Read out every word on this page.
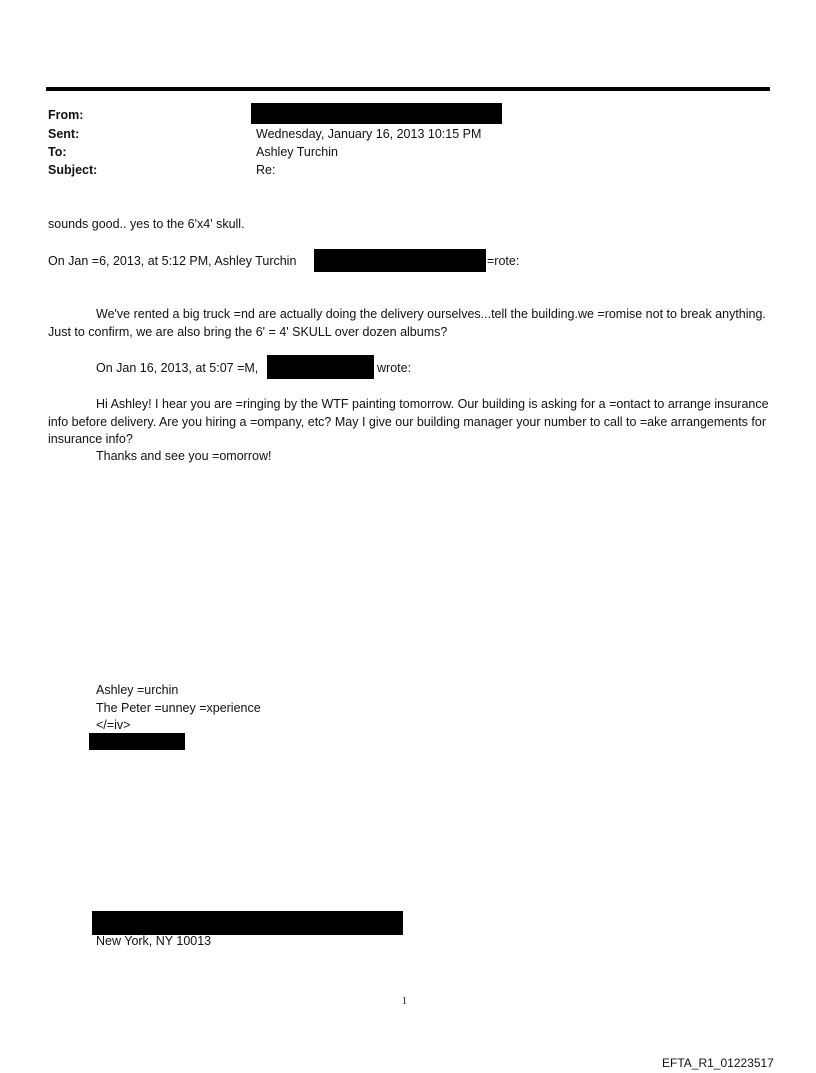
From:
Sent:	Wednesday, January 16, 2013 10:15 PM
To:	Ashley Turchin
Subject:	Re:
sounds good.. yes to the 6'x4' skull.
On Jan =6, 2013, at 5:12 PM, Ashley Turchin	=rote:
We've rented a big truck =nd are actually doing the delivery ourselves...tell the building.we =romise not to break anything. Just to confirm, we are also bring the 6' = 4' SKULL over dozen albums?
On Jan 16, 2013, at 5:07 =M,	wrote:
Hi Ashley! I hear you are =ringing by the WTF painting tomorrow. Our building is asking for a =ontact to arrange insurance info before delivery. Are you hiring a =ompany, etc? May I give our building manager your number to call to =ake arrangements for insurance info?
Thanks and see you =omorrow!
Ashley =urchin
The Peter =unney =xperience
</=iv>
New York, NY 10013
1
EFTA_R1_01223517
